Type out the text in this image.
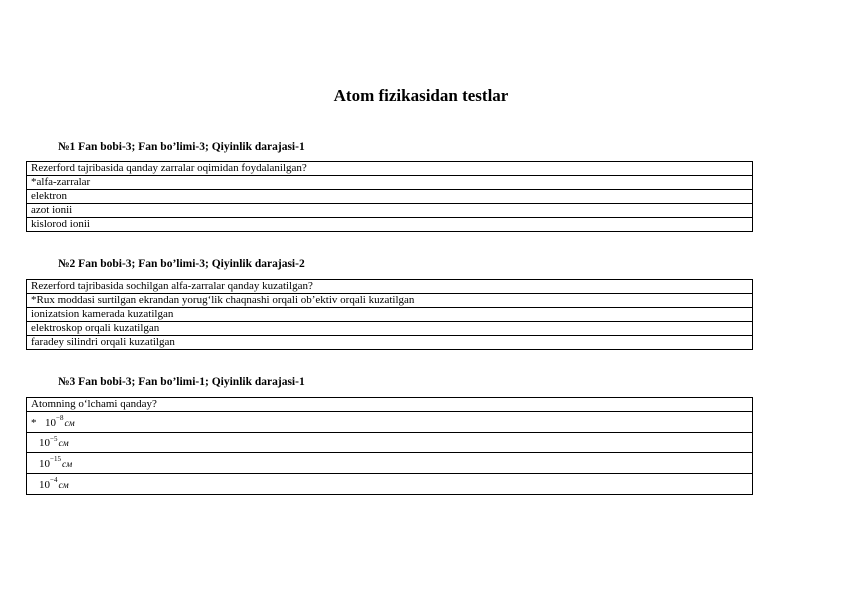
Atom fizikasidan testlar
№1 Fan bobi-3; Fan bo’limi-3; Qiyinlik darajasi-1
Rezerford tajribasida qanday zarralar oqimidan foydalanilgan?
*alfa-zarralar
elektron
azot ionii
kislorod ionii
№2 Fan bobi-3; Fan bo’limi-3; Qiyinlik darajasi-2
Rezerford tajribasida sochilgan alfa-zarralar qanday kuzatilgan?
*Rux moddasi surtilgan ekrandan yorug‘lik chaqnashi orqali ob’ektiv orqali kuzatilgan
ionizatsion kamerada kuzatilgan
elektroskop orqali kuzatilgan
faradey silindri orqali kuzatilgan
№3 Fan bobi-3; Fan bo’limi-1; Qiyinlik darajasi-1
Atomning o‘lchami qanday?
* $10^{-8}см$
$10^{-5}см$
$10^{-15}см$
$10^{-4}см$
